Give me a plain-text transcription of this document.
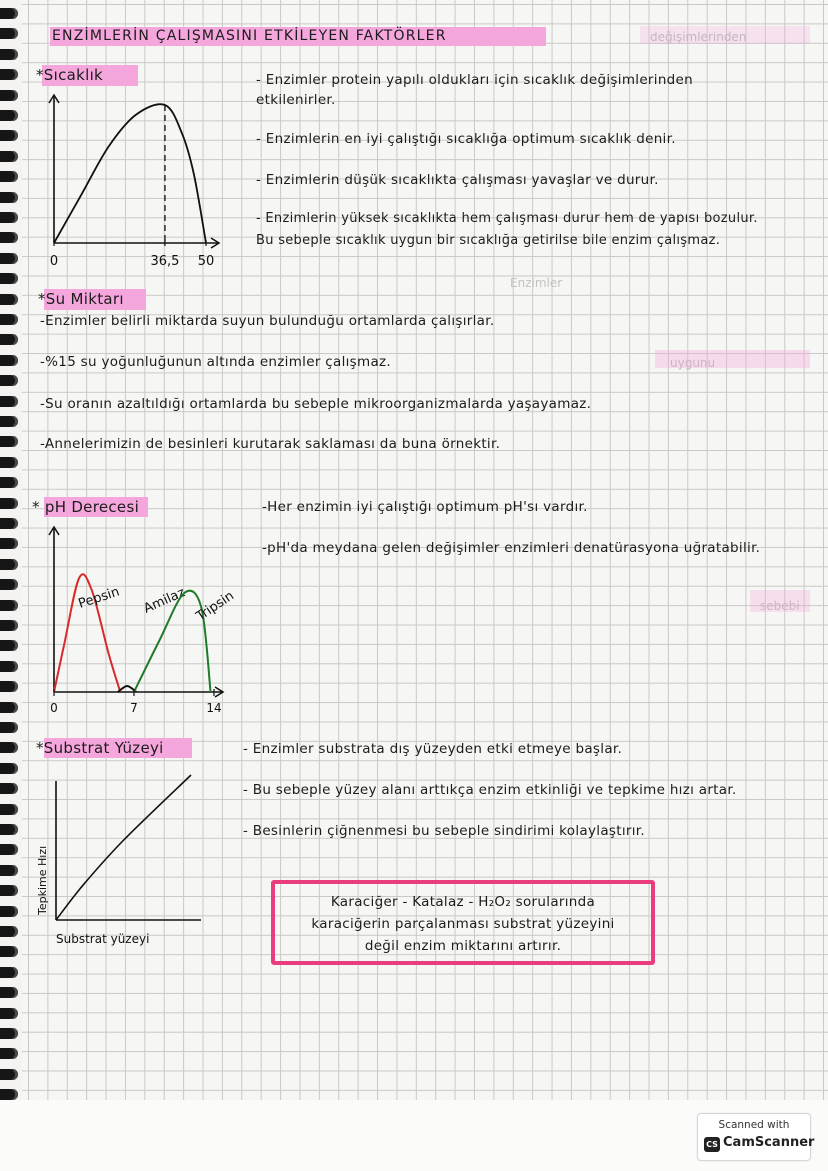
değişimlerinden
uygunu
Enzimler
sebebi
ENZİMLERİN ÇALIŞMASINI ETKİLEYEN FAKTÖRLER
*Sıcaklık	- Enzimler protein yapılı oldukları için sıcaklık değişimlerinden
etkilenirler.
- Enzimlerin en iyi çalıştığı sıcaklığa optimum sıcaklık denir.
- Enzimlerin düşük sıcaklıkta çalışması yavaşlar ve durur.
- Enzimlerin yüksek sıcaklıkta hem çalışması durur hem de yapısı bozulur.
Bu sebeple sıcaklık uygun bir sıcaklığa getirilse bile enzim çalışmaz.
0	36,5 50
*Su Miktarı
-Enzimler belirli miktarda suyun bulunduğu ortamlarda çalışırlar.
-%15 su yoğunluğunun altında enzimler çalışmaz.
-Su oranın azaltıldığı ortamlarda bu sebeple mikroorganizmalarda yaşayamaz.
-Annelerimizin de besinleri kurutarak saklaması da buna örnektir.
* pH Derecesi	-Her enzimin iyi çalıştığı optimum pH'sı vardır.
-pH'da meydana gelen değişimler enzimleri denatürasyona uğratabilir.
Pepsin Amilaz Tripsin
0	7	14
*Substrat Yüzeyi	- Enzimler substrata dış yüzeyden etki etmeye başlar.
- Bu sebeple yüzey alanı arttıkça enzim etkinliği ve tepkime hızı artar.
- Besinlerin çiğnenmesi bu sebeple sindirimi kolaylaştırır.
Tepkime Hızı
Substrat yüzeyi
Karaciğer - Katalaz - H₂O₂ sorularında
karaciğerin parçalanması substrat yüzeyini
değil enzim miktarını artırır.
Scanned with
CS CamScanner
